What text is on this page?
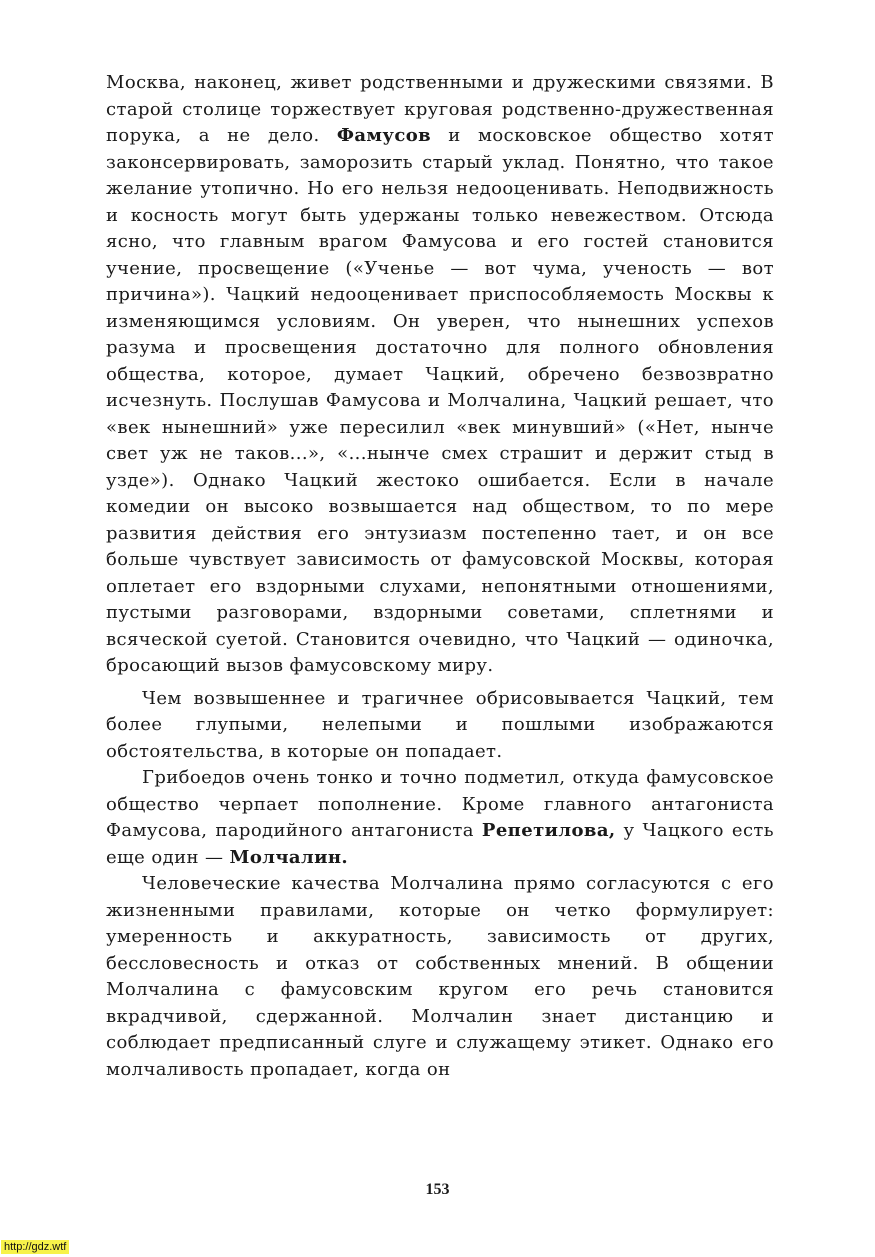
Москва, наконец, живет родственными и дружескими связями. В старой столице торжествует круговая родственно-дружественная порука, а не дело. Фамусов и московское общество хотят законсервировать, заморозить старый уклад. Понятно, что такое желание утопично. Но его нельзя недооценивать. Неподвижность и косность могут быть удержаны только невежеством. Отсюда ясно, что главным врагом Фамусова и его гостей становится учение, просвещение («Ученье — вот чума, ученость — вот причина»). Чацкий недооценивает приспособляемость Москвы к изменяющимся условиям. Он уверен, что нынешних успехов разума и просвещения достаточно для полного обновления общества, которое, думает Чацкий, обречено безвозвратно исчезнуть. Послушав Фамусова и Молчалина, Чацкий решает, что «век нынешний» уже пересилил «век минувший» («Нет, нынче свет уж не таков...», «...нынче смех страшит и держит стыд в узде»). Однако Чацкий жестоко ошибается. Если в начале комедии он высоко возвышается над обществом, то по мере развития действия его энтузиазм постепенно тает, и он все больше чувствует зависимость от фамусовской Москвы, которая оплетает его вздорными слухами, непонятными отношениями, пустыми разговорами, вздорными советами, сплетнями и всяческой суетой. Становится очевидно, что Чацкий — одиночка, бросающий вызов фамусовскому миру.

Чем возвышеннее и трагичнее обрисовывается Чацкий, тем более глупыми, нелепыми и пошлыми изображаются обстоятельства, в которые он попадает.

Грибоедов очень тонко и точно подметил, откуда фамусовское общество черпает пополнение. Кроме главного антагониста Фамусова, пародийного антагониста Репетилова, у Чацкого есть еще один — Молчалин.

Человеческие качества Молчалина прямо согласуются с его жизненными правилами, которые он четко формулирует: умеренность и аккуратность, зависимость от других, бессловесность и отказ от собственных мнений. В общении Молчалина с фамусовским кругом его речь становится вкрадчивой, сдержанной. Молчалин знает дистанцию и соблюдает предписанный слуге и служащему этикет. Однако его молчаливость пропадает, когда он

153
http://gdz.wtf
